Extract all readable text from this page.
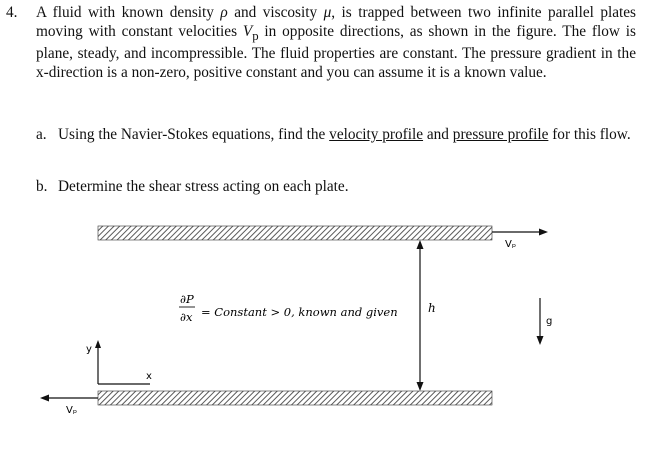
4. A fluid with known density ρ and viscosity μ, is trapped between two infinite parallel plates moving with constant velocities $V_p$ in opposite directions, as shown in the figure. The flow is plane, steady, and incompressible. The fluid properties are constant. The pressure gradient in the x-direction is a non-zero, positive constant and you can assume it is a known value.
a. Using the Navier-Stokes equations, find the velocity profile and pressure profile for this flow.
b. Determine the shear stress acting on each plate.
Vₚ
Vₚ
h
g
y
x
∂P
∂x = Constant > 0, known and given
